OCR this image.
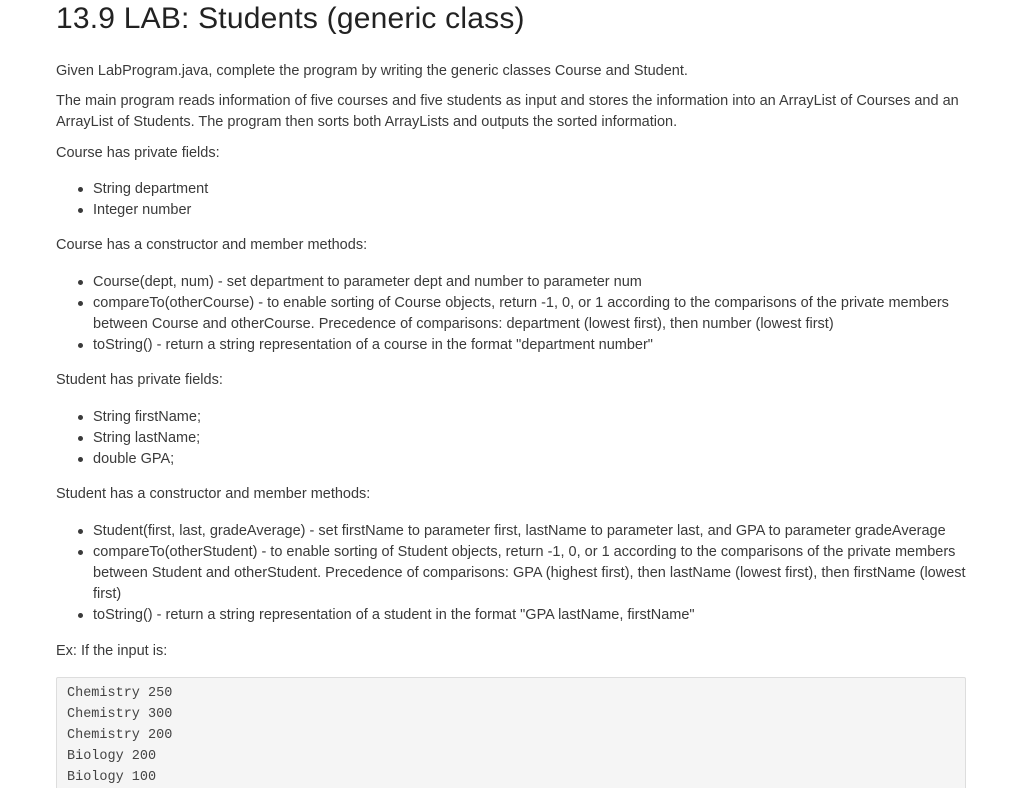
13.9 LAB: Students (generic class)

Given LabProgram.java, complete the program by writing the generic classes Course and Student.

The main program reads information of five courses and five students as input and stores the information into an ArrayList of Courses and an ArrayList of Students. The program then sorts both ArrayLists and outputs the sorted information.

Course has private fields:

String department
Integer number

Course has a constructor and member methods:

Course(dept, num) - set department to parameter dept and number to parameter num
compareTo(otherCourse) - to enable sorting of Course objects, return -1, 0, or 1 according to the comparisons of the private members between Course and otherCourse. Precedence of comparisons: department (lowest first), then number (lowest first)
toString() - return a string representation of a course in the format "department number"

Student has private fields:

String firstName;
String lastName;
double GPA;

Student has a constructor and member methods:

Student(first, last, gradeAverage) - set firstName to parameter first, lastName to parameter last, and GPA to parameter gradeAverage
compareTo(otherStudent) - to enable sorting of Student objects, return -1, 0, or 1 according to the comparisons of the private members between Student and otherStudent. Precedence of comparisons: GPA (highest first), then lastName (lowest first), then firstName (lowest first)
toString() - return a string representation of a student in the format "GPA lastName, firstName"

Ex: If the input is:

Chemistry 250
Chemistry 300
Chemistry 200
Biology 200
Biology 100
